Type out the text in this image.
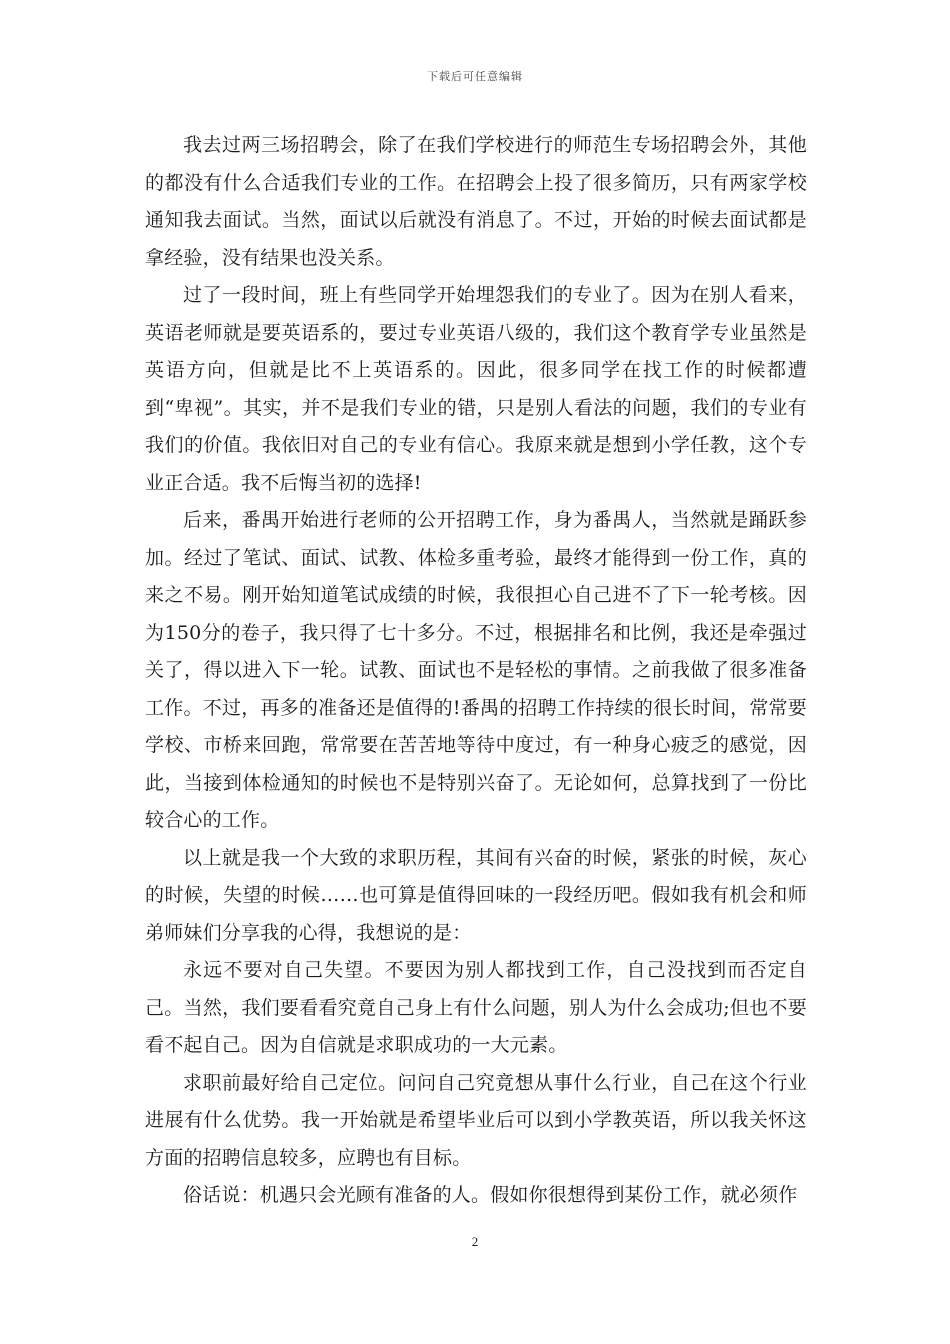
下载后可任意编辑

我去过两三场招聘会，除了在我们学校进行的师范生专场招聘会外，其他的都没有什么合适我们专业的工作。在招聘会上投了很多简历，只有两家学校通知我去面试。当然，面试以后就没有消息了。不过，开始的时候去面试都是拿经验，没有结果也没关系。

过了一段时间，班上有些同学开始埋怨我们的专业了。因为在别人看来，英语老师就是要英语系的，要过专业英语八级的，我们这个教育学专业虽然是英语方向，但就是比不上英语系的。因此，很多同学在找工作的时候都遭到“卑视”。其实，并不是我们专业的错，只是别人看法的问题，我们的专业有我们的价值。我依旧对自己的专业有信心。我原来就是想到小学任教，这个专业正合适。我不后悔当初的选择!

后来，番禺开始进行老师的公开招聘工作，身为番禺人，当然就是踊跃参加。经过了笔试、面试、试教、体检多重考验，最终才能得到一份工作，真的来之不易。刚开始知道笔试成绩的时候，我很担心自己进不了下一轮考核。因为150分的卷子，我只得了七十多分。不过，根据排名和比例，我还是牵强过关了，得以进入下一轮。试教、面试也不是轻松的事情。之前我做了很多准备工作。不过，再多的准备还是值得的!番禺的招聘工作持续的很长时间，常常要学校、市桥来回跑，常常要在苦苦地等待中度过，有一种身心疲乏的感觉，因此，当接到体检通知的时候也不是特别兴奋了。无论如何，总算找到了一份比较合心的工作。

以上就是我一个大致的求职历程，其间有兴奋的时候，紧张的时候，灰心的时候，失望的时候……也可算是值得回味的一段经历吧。假如我有机会和师弟师妹们分享我的心得，我想说的是：

永远不要对自己失望。不要因为别人都找到工作，自己没找到而否定自己。当然，我们要看看究竟自己身上有什么问题，别人为什么会成功;但也不要看不起自己。因为自信就是求职成功的一大元素。

求职前最好给自己定位。问问自己究竟想从事什么行业，自己在这个行业进展有什么优势。我一开始就是希望毕业后可以到小学教英语，所以我关怀这方面的招聘信息较多，应聘也有目标。

俗话说：机遇只会光顾有准备的人。假如你很想得到某份工作，就必须作

2
